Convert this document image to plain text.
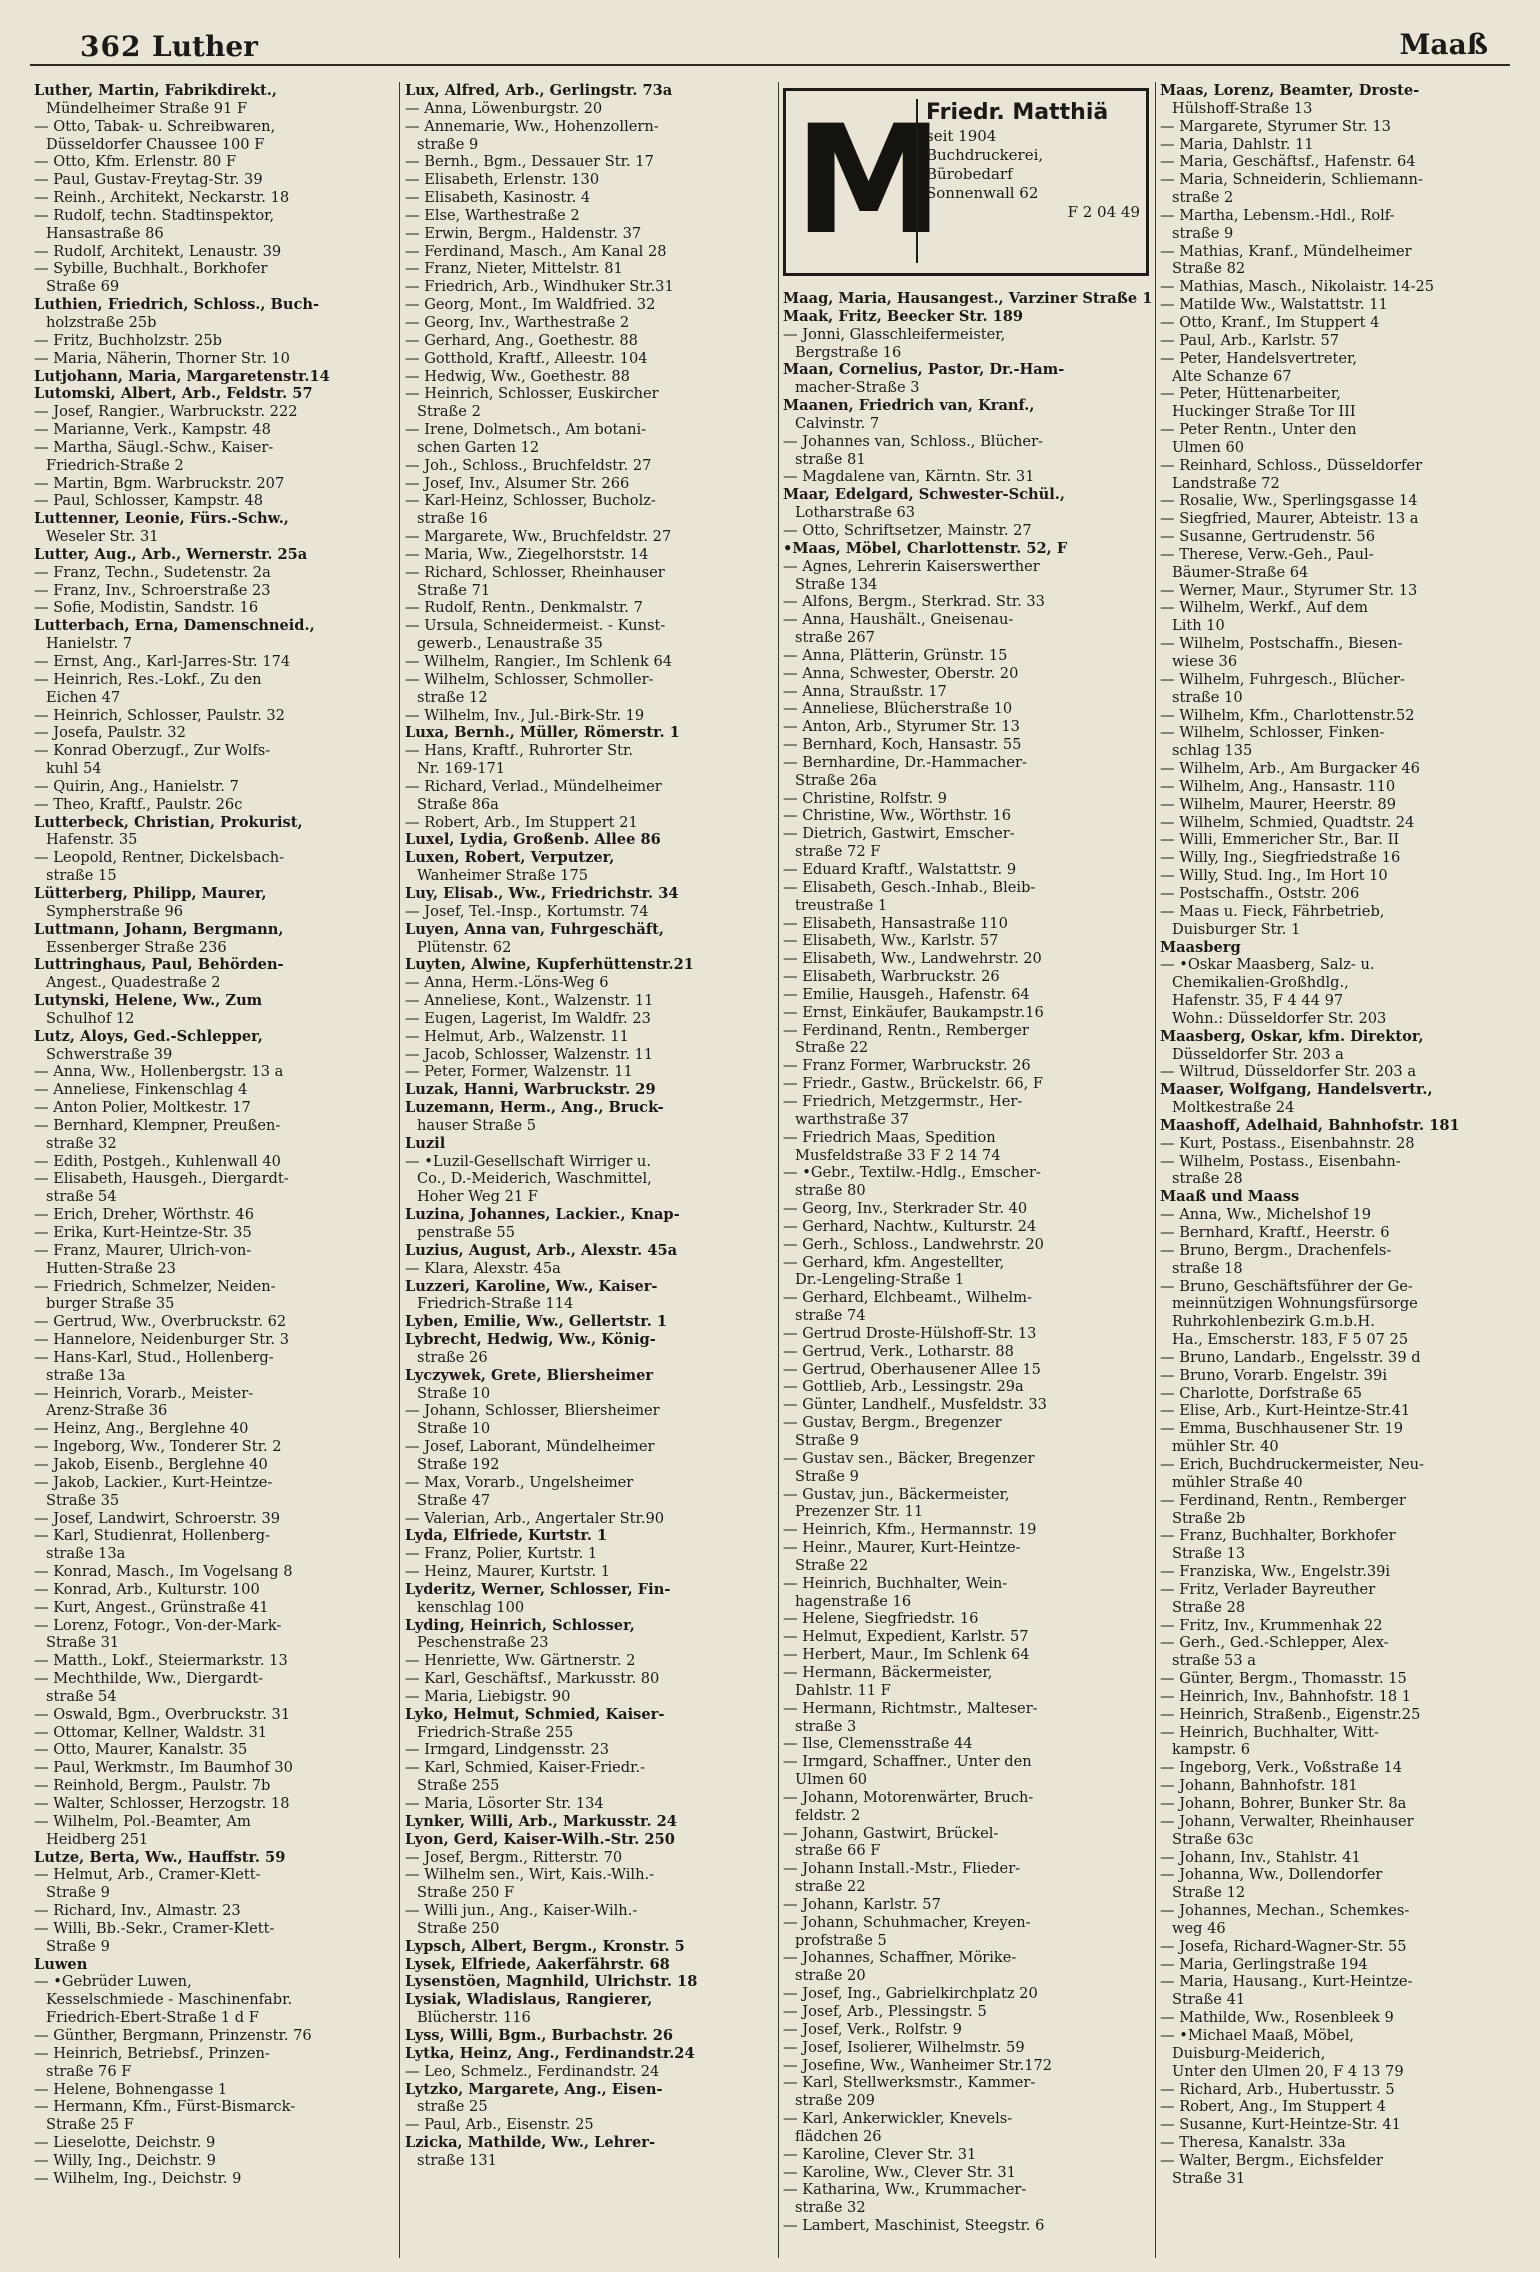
362 Luther	Maaß
Luther, Martin, Fabrikdirekt.,
Mündelheimer Straße 91 F
— Otto, Tabak- u. Schreibwaren,
Düsseldorfer Chaussee 100 F
— Otto, Kfm. Erlenstr. 80 F
— Paul, Gustav-Freytag-Str. 39
— Reinh., Architekt, Neckarstr. 18
— Rudolf, techn. Stadtinspektor,
Hansastraße 86
— Rudolf, Architekt, Lenaustr. 39
— Sybille, Buchhalt., Borkhofer
Straße 69
Luthien, Friedrich, Schloss., Buch-
holzstraße 25b
— Fritz, Buchholzstr. 25b
— Maria, Näherin, Thorner Str. 10
Lutjohann, Maria, Margaretenstr.14
Lutomski, Albert, Arb., Feldstr. 57
— Josef, Rangier., Warbruckstr. 222
— Marianne, Verk., Kampstr. 48
— Martha, Säugl.-Schw., Kaiser-
Friedrich-Straße 2
— Martin, Bgm. Warbruckstr. 207
— Paul, Schlosser, Kampstr. 48
Luttenner, Leonie, Fürs.-Schw.,
Weseler Str. 31
Lutter, Aug., Arb., Wernerstr. 25a
— Franz, Techn., Sudetenstr. 2a
— Franz, Inv., Schroerstraße 23
— Sofie, Modistin, Sandstr. 16
Lutterbach, Erna, Damenschneid.,
Hanielstr. 7
— Ernst, Ang., Karl-Jarres-Str. 174
— Heinrich, Res.-Lokf., Zu den
Eichen 47
— Heinrich, Schlosser, Paulstr. 32
— Josefa, Paulstr. 32
— Konrad Oberzugf., Zur Wolfs-
kuhl 54
— Quirin, Ang., Hanielstr. 7
— Theo, Kraftf., Paulstr. 26c
Lutterbeck, Christian, Prokurist,
Hafenstr. 35
— Leopold, Rentner, Dickelsbach-
straße 15
Lütterberg, Philipp, Maurer,
Sympherstraße 96
Luttmann, Johann, Bergmann,
Essenberger Straße 236
Luttringhaus, Paul, Behörden-
Angest., Quadestraße 2
Lutynski, Helene, Ww., Zum
Schulhof 12
Lutz, Aloys, Ged.-Schlepper,
Schwerstraße 39
— Anna, Ww., Hollenbergstr. 13 a
— Anneliese, Finkenschlag 4
— Anton Polier, Moltkestr. 17
— Bernhard, Klempner, Preußen-
straße 32
— Edith, Postgeh., Kuhlenwall 40
— Elisabeth, Hausgeh., Diergardt-
straße 54
— Erich, Dreher, Wörthstr. 46
— Erika, Kurt-Heintze-Str. 35
— Franz, Maurer, Ulrich-von-
Hutten-Straße 23
— Friedrich, Schmelzer, Neiden-
burger Straße 35
— Gertrud, Ww., Overbruckstr. 62
— Hannelore, Neidenburger Str. 3
— Hans-Karl, Stud., Hollenberg-
straße 13a
— Heinrich, Vorarb., Meister-
Arenz-Straße 36
— Heinz, Ang., Berglehne 40
— Ingeborg, Ww., Tonderer Str. 2
— Jakob, Eisenb., Berglehne 40
— Jakob, Lackier., Kurt-Heintze-
Straße 35
— Josef, Landwirt, Schroerstr. 39
— Karl, Studienrat, Hollenberg-
straße 13a
— Konrad, Masch., Im Vogelsang 8
— Konrad, Arb., Kulturstr. 100
— Kurt, Angest., Grünstraße 41
— Lorenz, Fotogr., Von-der-Mark-
Straße 31
— Matth., Lokf., Steiermarkstr. 13
— Mechthilde, Ww., Diergardt-
straße 54
— Oswald, Bgm., Overbruckstr. 31
— Ottomar, Kellner, Waldstr. 31
— Otto, Maurer, Kanalstr. 35
— Paul, Werkmstr., Im Baumhof 30
— Reinhold, Bergm., Paulstr. 7b
— Walter, Schlosser, Herzogstr. 18
— Wilhelm, Pol.-Beamter, Am
Heidberg 251
Lutze, Berta, Ww., Hauffstr. 59
— Helmut, Arb., Cramer-Klett-
Straße 9
— Richard, Inv., Almastr. 23
— Willi, Bb.-Sekr., Cramer-Klett-
Straße 9
Luwen
— •Gebrüder Luwen,
Kesselschmiede - Maschinenfabr.
Friedrich-Ebert-Straße 1 d F
— Günther, Bergmann, Prinzenstr. 76
— Heinrich, Betriebsf., Prinzen-
straße 76 F
— Helene, Bohnengasse 1
— Hermann, Kfm., Fürst-Bismarck-
Straße 25 F
— Lieselotte, Deichstr. 9
— Willy, Ing., Deichstr. 9
— Wilhelm, Ing., Deichstr. 9
Lux, Alfred, Arb., Gerlingstr. 73a
— Anna, Löwenburgstr. 20
— Annemarie, Ww., Hohenzollern-
straße 9
— Bernh., Bgm., Dessauer Str. 17
— Elisabeth, Erlenstr. 130
— Elisabeth, Kasinostr. 4
— Else, Warthestraße 2
— Erwin, Bergm., Haldenstr. 37
— Ferdinand, Masch., Am Kanal 28
— Franz, Nieter, Mittelstr. 81
— Friedrich, Arb., Windhuker Str.31
— Georg, Mont., Im Waldfried. 32
— Georg, Inv., Warthestraße 2
— Gerhard, Ang., Goethestr. 88
— Gotthold, Kraftf., Alleestr. 104
— Hedwig, Ww., Goethestr. 88
— Heinrich, Schlosser, Euskircher
Straße 2
— Irene, Dolmetsch., Am botani-
schen Garten 12
— Joh., Schloss., Bruchfeldstr. 27
— Josef, Inv., Alsumer Str. 266
— Karl-Heinz, Schlosser, Bucholz-
straße 16
— Margarete, Ww., Bruchfeldstr. 27
— Maria, Ww., Ziegelhorststr. 14
— Richard, Schlosser, Rheinhauser
Straße 71
— Rudolf, Rentn., Denkmalstr. 7
— Ursula, Schneidermeist. - Kunst-
gewerb., Lenaustraße 35
— Wilhelm, Rangier., Im Schlenk 64
— Wilhelm, Schlosser, Schmoller-
straße 12
— Wilhelm, Inv., Jul.-Birk-Str. 19
Luxa, Bernh., Müller, Römerstr. 1
— Hans, Kraftf., Ruhrorter Str.
Nr. 169-171
— Richard, Verlad., Mündelheimer
Straße 86a
— Robert, Arb., Im Stuppert 21
Luxel, Lydia, Großenb. Allee 86
Luxen, Robert, Verputzer,
Wanheimer Straße 175
Luy, Elisab., Ww., Friedrichstr. 34
— Josef, Tel.-Insp., Kortumstr. 74
Luyen, Anna van, Fuhrgeschäft,
Plütenstr. 62
Luyten, Alwine, Kupferhüttenstr.21
— Anna, Herm.-Löns-Weg 6
— Anneliese, Kont., Walzenstr. 11
— Eugen, Lagerist, Im Waldfr. 23
— Helmut, Arb., Walzenstr. 11
— Jacob, Schlosser, Walzenstr. 11
— Peter, Former, Walzenstr. 11
Luzak, Hanni, Warbruckstr. 29
Luzemann, Herm., Ang., Bruck-
hauser Straße 5
Luzil
— •Luzil-Gesellschaft Wirriger u.
Co., D.-Meiderich, Waschmittel,
Hoher Weg 21 F
Luzina, Johannes, Lackier., Knap-
penstraße 55
Luzius, August, Arb., Alexstr. 45a
— Klara, Alexstr. 45a
Luzzeri, Karoline, Ww., Kaiser-
Friedrich-Straße 114
Lyben, Emilie, Ww., Gellertstr. 1
Lybrecht, Hedwig, Ww., König-
straße 26
Lyczywek, Grete, Bliersheimer
Straße 10
— Johann, Schlosser, Bliersheimer
Straße 10
— Josef, Laborant, Mündelheimer
Straße 192
— Max, Vorarb., Ungelsheimer
Straße 47
— Valerian, Arb., Angertaler Str.90
Lyda, Elfriede, Kurtstr. 1
— Franz, Polier, Kurtstr. 1
— Heinz, Maurer, Kurtstr. 1
Lyderitz, Werner, Schlosser, Fin-
kenschlag 100
Lyding, Heinrich, Schlosser,
Peschenstraße 23
— Henriette, Ww. Gärtnerstr. 2
— Karl, Geschäftsf., Markusstr. 80
— Maria, Liebigstr. 90
Lyko, Helmut, Schmied, Kaiser-
Friedrich-Straße 255
— Irmgard, Lindgensstr. 23
— Karl, Schmied, Kaiser-Friedr.-
Straße 255
— Maria, Lösorter Str. 134
Lynker, Willi, Arb., Markusstr. 24
Lyon, Gerd, Kaiser-Wilh.-Str. 250
— Josef, Bergm., Ritterstr. 70
— Wilhelm sen., Wirt, Kais.-Wilh.-
Straße 250 F
— Willi jun., Ang., Kaiser-Wilh.-
Straße 250
Lypsch, Albert, Bergm., Kronstr. 5
Lysek, Elfriede, Aakerfährstr. 68
Lysenstöen, Magnhild, Ulrichstr. 18
Lysiak, Wladislaus, Rangierer,
Blücherstr. 116
Lyss, Willi, Bgm., Burbachstr. 26
Lytka, Heinz, Ang., Ferdinandstr.24
— Leo, Schmelz., Ferdinandstr. 24
Lytzko, Margarete, Ang., Eisen-
straße 25
— Paul, Arb., Eisenstr. 25
Lzicka, Mathilde, Ww., Lehrer-
straße 131
M
Friedr. Matthiä
seit 1904
Buchdruckerei,
Bürobedarf
Sonnenwall 62
F 2 04 49
Maag, Maria, Hausangest., Varziner Straße 1
Maak, Fritz, Beecker Str. 189
— Jonni, Glasschleifermeister,
Bergstraße 16
Maan, Cornelius, Pastor, Dr.-Ham-
macher-Straße 3
Maanen, Friedrich van, Kranf.,
Calvinstr. 7
— Johannes van, Schloss., Blücher-
straße 81
— Magdalene van, Kärntn. Str. 31
Maar, Edelgard, Schwester-Schül.,
Lotharstraße 63
— Otto, Schriftsetzer, Mainstr. 27
•Maas, Möbel, Charlottenstr. 52, F
— Agnes, Lehrerin Kaiserswerther
Straße 134
— Alfons, Bergm., Sterkrad. Str. 33
— Anna, Haushält., Gneisenau-
straße 267
— Anna, Plätterin, Grünstr. 15
— Anna, Schwester, Oberstr. 20
— Anna, Straußstr. 17
— Anneliese, Blücherstraße 10
— Anton, Arb., Styrumer Str. 13
— Bernhard, Koch, Hansastr. 55
— Bernhardine, Dr.-Hammacher-
Straße 26a
— Christine, Rolfstr. 9
— Christine, Ww., Wörthstr. 16
— Dietrich, Gastwirt, Emscher-
straße 72 F
— Eduard Kraftf., Walstattstr. 9
— Elisabeth, Gesch.-Inhab., Bleib-
treustraße 1
— Elisabeth, Hansastraße 110
— Elisabeth, Ww., Karlstr. 57
— Elisabeth, Ww., Landwehrstr. 20
— Elisabeth, Warbruckstr. 26
— Emilie, Hausgeh., Hafenstr. 64
— Ernst, Einkäufer, Baukampstr.16
— Ferdinand, Rentn., Remberger
Straße 22
— Franz Former, Warbruckstr. 26
— Friedr., Gastw., Brückelstr. 66, F
— Friedrich, Metzgermstr., Her-
warthstraße 37
— Friedrich Maas, Spedition
Musfeldstraße 33 F 2 14 74
— •Gebr., Textilw.-Hdlg., Emscher-
straße 80
— Georg, Inv., Sterkrader Str. 40
— Gerhard, Nachtw., Kulturstr. 24
— Gerh., Schloss., Landwehrstr. 20
— Gerhard, kfm. Angestellter,
Dr.-Lengeling-Straße 1
— Gerhard, Elchbeamt., Wilhelm-
straße 74
— Gertrud Droste-Hülshoff-Str. 13
— Gertrud, Verk., Lotharstr. 88
— Gertrud, Oberhausener Allee 15
— Gottlieb, Arb., Lessingstr. 29a
— Günter, Landhelf., Musfeldstr. 33
— Gustav, Bergm., Bregenzer
Straße 9
— Gustav sen., Bäcker, Bregenzer
Straße 9
— Gustav, jun., Bäckermeister,
Prezenzer Str. 11
— Heinrich, Kfm., Hermannstr. 19
— Heinr., Maurer, Kurt-Heintze-
Straße 22
— Heinrich, Buchhalter, Wein-
hagenstraße 16
— Helene, Siegfriedstr. 16
— Helmut, Expedient, Karlstr. 57
— Herbert, Maur., Im Schlenk 64
— Hermann, Bäckermeister,
Dahlstr. 11 F
— Hermann, Richtmstr., Malteser-
straße 3
— Ilse, Clemensstraße 44
— Irmgard, Schaffner., Unter den
Ulmen 60
— Johann, Motorenwärter, Bruch-
feldstr. 2
— Johann, Gastwirt, Brückel-
straße 66 F
— Johann Install.-Mstr., Flieder-
straße 22
— Johann, Karlstr. 57
— Johann, Schuhmacher, Kreyen-
profstraße 5
— Johannes, Schaffner, Mörike-
straße 20
— Josef, Ing., Gabrielkirchplatz 20
— Josef, Arb., Plessingstr. 5
— Josef, Verk., Rolfstr. 9
— Josef, Isolierer, Wilhelmstr. 59
— Josefine, Ww., Wanheimer Str.172
— Karl, Stellwerksmstr., Kammer-
straße 209
— Karl, Ankerwickler, Knevels-
flädchen 26
— Karoline, Clever Str. 31
— Karoline, Ww., Clever Str. 31
— Katharina, Ww., Krummacher-
straße 32
— Lambert, Maschinist, Steegstr. 6
Maas, Lorenz, Beamter, Droste-
Hülshoff-Straße 13
— Margarete, Styrumer Str. 13
— Maria, Dahlstr. 11
— Maria, Geschäftsf., Hafenstr. 64
— Maria, Schneiderin, Schliemann-
straße 2
— Martha, Lebensm.-Hdl., Rolf-
straße 9
— Mathias, Kranf., Mündelheimer
Straße 82
— Mathias, Masch., Nikolaistr. 14-25
— Matilde Ww., Walstattstr. 11
— Otto, Kranf., Im Stuppert 4
— Paul, Arb., Karlstr. 57
— Peter, Handelsvertreter,
Alte Schanze 67
— Peter, Hüttenarbeiter,
Huckinger Straße Tor III
— Peter Rentn., Unter den
Ulmen 60
— Reinhard, Schloss., Düsseldorfer
Landstraße 72
— Rosalie, Ww., Sperlingsgasse 14
— Siegfried, Maurer, Abteistr. 13 a
— Susanne, Gertrudenstr. 56
— Therese, Verw.-Geh., Paul-
Bäumer-Straße 64
— Werner, Maur., Styrumer Str. 13
— Wilhelm, Werkf., Auf dem
Lith 10
— Wilhelm, Postschaffn., Biesen-
wiese 36
— Wilhelm, Fuhrgesch., Blücher-
straße 10
— Wilhelm, Kfm., Charlottenstr.52
— Wilhelm, Schlosser, Finken-
schlag 135
— Wilhelm, Arb., Am Burgacker 46
— Wilhelm, Ang., Hansastr. 110
— Wilhelm, Maurer, Heerstr. 89
— Wilhelm, Schmied, Quadtstr. 24
— Willi, Emmericher Str., Bar. II
— Willy, Ing., Siegfriedstraße 16
— Willy, Stud. Ing., Im Hort 10
— Postschaffn., Oststr. 206
— Maas u. Fieck, Fährbetrieb,
Duisburger Str. 1
Maasberg
— •Oskar Maasberg, Salz- u.
Chemikalien-Großhdlg.,
Hafenstr. 35, F 4 44 97
Wohn.: Düsseldorfer Str. 203
Maasberg, Oskar, kfm. Direktor,
Düsseldorfer Str. 203 a
— Wiltrud, Düsseldorfer Str. 203 a
Maaser, Wolfgang, Handelsvertr.,
Moltkestraße 24
Maashoff, Adelhaid, Bahnhofstr. 181
— Kurt, Postass., Eisenbahnstr. 28
— Wilhelm, Postass., Eisenbahn-
straße 28
Maaß und Maass
— Anna, Ww., Michelshof 19
— Bernhard, Kraftf., Heerstr. 6
— Bruno, Bergm., Drachenfels-
straße 18
— Bruno, Geschäftsführer der Ge-
meinnützigen Wohnungsfürsorge
Ruhrkohlenbezirk G.m.b.H.
Ha., Emscherstr. 183, F 5 07 25
— Bruno, Landarb., Engelsstr. 39 d
— Bruno, Vorarb. Engelstr. 39i
— Charlotte, Dorfstraße 65
— Elise, Arb., Kurt-Heintze-Str.41
— Emma, Buschhausener Str. 19
mühler Str. 40
— Erich, Buchdruckermeister, Neu-
mühler Straße 40
— Ferdinand, Rentn., Remberger
Straße 2b
— Franz, Buchhalter, Borkhofer
Straße 13
— Franziska, Ww., Engelstr.39i
— Fritz, Verlader Bayreuther
Straße 28
— Fritz, Inv., Krummenhak 22
— Gerh., Ged.-Schlepper, Alex-
straße 53 a
— Günter, Bergm., Thomasstr. 15
— Heinrich, Inv., Bahnhofstr. 18 1
— Heinrich, Straßenb., Eigenstr.25
— Heinrich, Buchhalter, Witt-
kampstr. 6
— Ingeborg, Verk., Voßstraße 14
— Johann, Bahnhofstr. 181
— Johann, Bohrer, Bunker Str. 8a
— Johann, Verwalter, Rheinhauser
Straße 63c
— Johann, Inv., Stahlstr. 41
— Johanna, Ww., Dollendorfer
Straße 12
— Johannes, Mechan., Schemkes-
weg 46
— Josefa, Richard-Wagner-Str. 55
— Maria, Gerlingstraße 194
— Maria, Hausang., Kurt-Heintze-
Straße 41
— Mathilde, Ww., Rosenbleek 9
— •Michael Maaß, Möbel,
Duisburg-Meiderich,
Unter den Ulmen 20, F 4 13 79
— Richard, Arb., Hubertusstr. 5
— Robert, Ang., Im Stuppert 4
— Susanne, Kurt-Heintze-Str. 41
— Theresa, Kanalstr. 33a
— Walter, Bergm., Eichsfelder
Straße 31
